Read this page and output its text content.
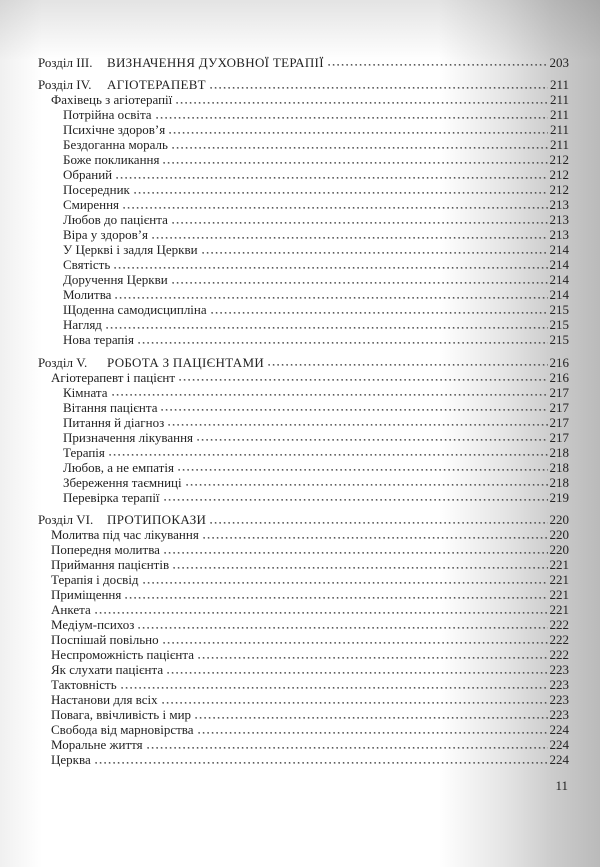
Розділ III.	ВИЗНАЧЕННЯ ДУХОВНОЇ ТЕРАПІЇ	203
Розділ IV.	АГІОТЕРАПЕВТ	211
Фахівець з агіотерапії	211
Потрійна освіта	211
Психічне здоров’я	211
Бездоганна мораль	211
Боже покликання	212
Обраний	212
Посередник	212
Смирення	213
Любов до пацієнта	213
Віра у здоров’я	213
У Церкві і задля Церкви	214
Святість	214
Доручення Церкви	214
Молитва	214
Щоденна самодисципліна	215
Нагляд	215
Нова терапія	215
Розділ V.	РОБОТА З ПАЦІЄНТАМИ	216
Агіотерапевт і пацієнт	216
Кімната	217
Вітання пацієнта	217
Питання й діагноз	217
Призначення лікування	217
Терапія	218
Любов, а не емпатія	218
Збереження таємниці	218
Перевірка терапії	219
Розділ VI.	ПРОТИПОКАЗИ	220
Молитва під час лікування	220
Попередня молитва	220
Приймання пацієнтів	221
Терапія і досвід	221
Приміщення	221
Анкета	221
Медіум-психоз	222
Поспішай повільно	222
Неспроможність пацієнта	222
Як слухати пацієнта	223
Тактовність	223
Настанови для всіх	223
Повага, ввічливість і мир	223
Свобода від марновірства	224
Моральне життя	224
Церква	224
11
